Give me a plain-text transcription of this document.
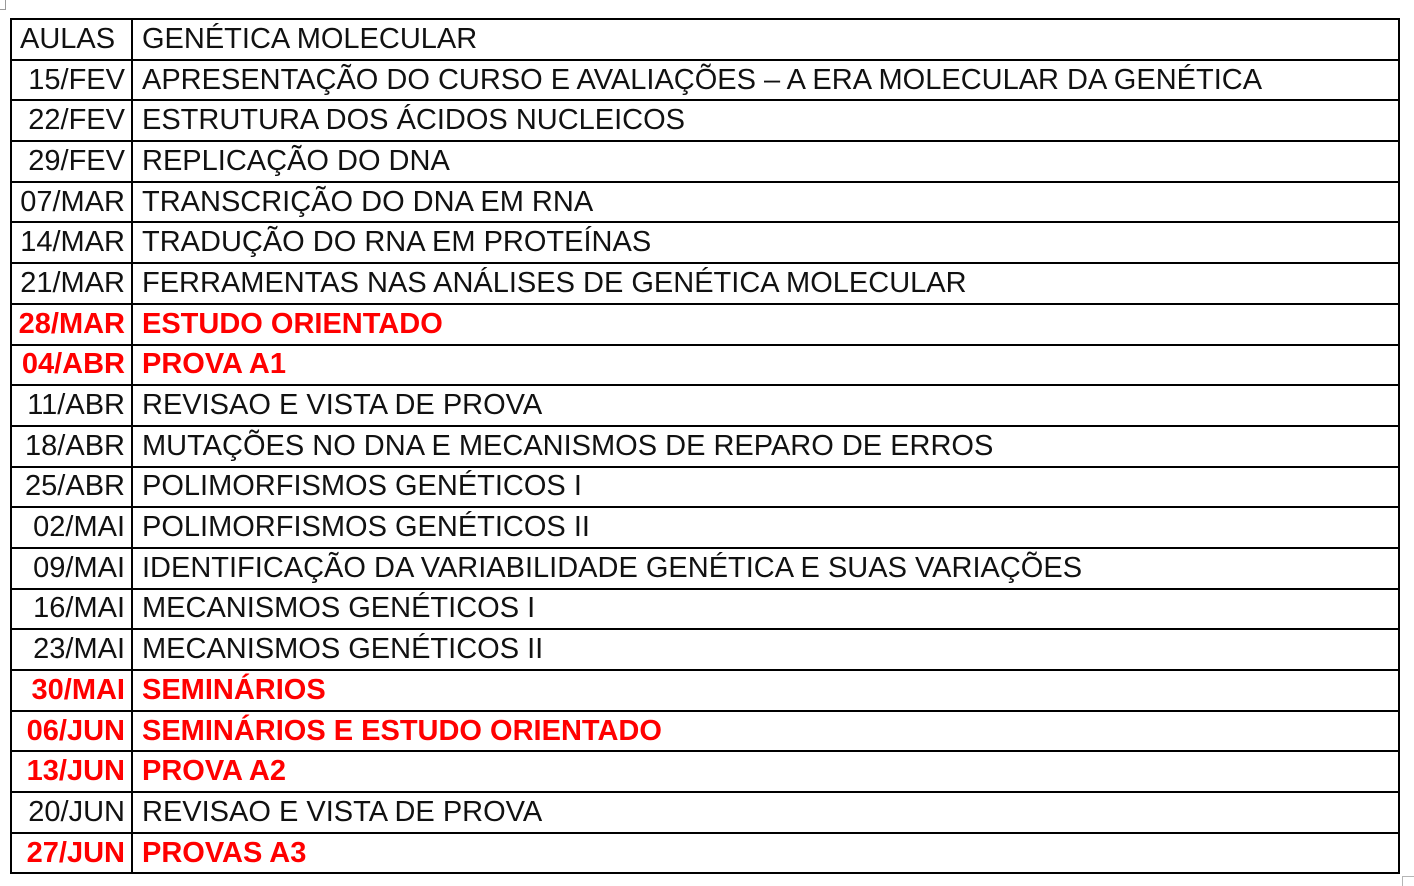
AULAS	GENÉTICA MOLECULAR
15/FEV	APRESENTAÇÃO DO CURSO E AVALIAÇÕES – A ERA MOLECULAR DA GENÉTICA
22/FEV	ESTRUTURA DOS ÁCIDOS NUCLEICOS
29/FEV	REPLICAÇÃO DO DNA
07/MAR	TRANSCRIÇÃO DO DNA EM RNA
14/MAR	TRADUÇÃO DO RNA EM PROTEÍNAS
21/MAR	FERRAMENTAS NAS ANÁLISES DE GENÉTICA MOLECULAR
28/MAR	ESTUDO ORIENTADO
04/ABR	PROVA A1
11/ABR	REVISAO E VISTA DE PROVA
18/ABR	MUTAÇÕES NO DNA E MECANISMOS DE REPARO DE ERROS
25/ABR	POLIMORFISMOS GENÉTICOS I
02/MAI	POLIMORFISMOS GENÉTICOS II
09/MAI	IDENTIFICAÇÃO DA VARIABILIDADE GENÉTICA E SUAS VARIAÇÕES
16/MAI	MECANISMOS GENÉTICOS I
23/MAI	MECANISMOS GENÉTICOS II
30/MAI	SEMINÁRIOS
06/JUN	SEMINÁRIOS E ESTUDO ORIENTADO
13/JUN	PROVA A2
20/JUN	REVISAO E VISTA DE PROVA
27/JUN	PROVAS A3
